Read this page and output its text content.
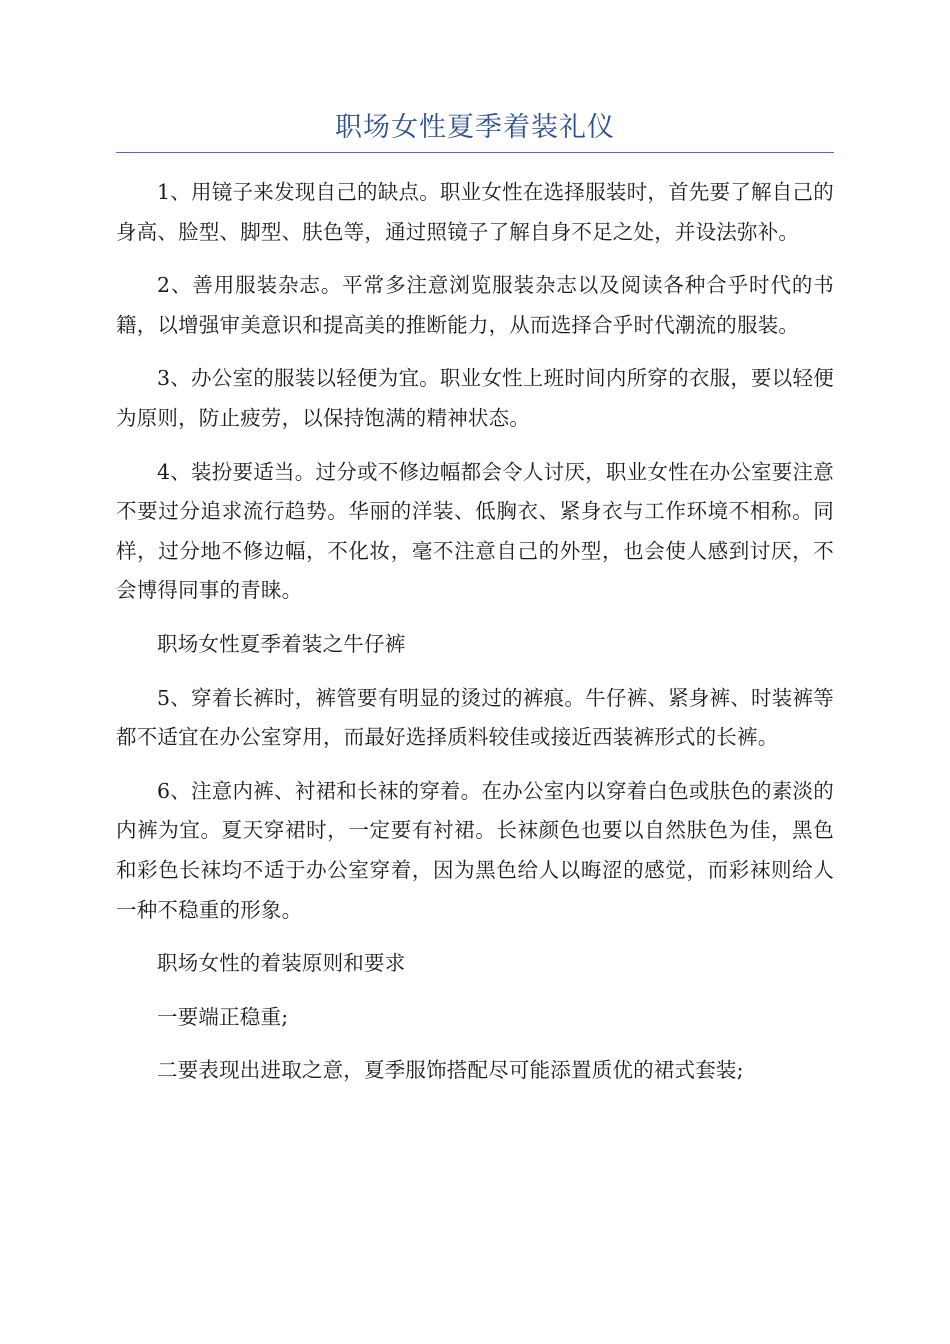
职场女性夏季着装礼仪

1、用镜子来发现自己的缺点。职业女性在选择服装时，首先要了解自己的身高、脸型、脚型、肤色等，通过照镜子了解自身不足之处，并设法弥补。

2、善用服装杂志。平常多注意浏览服装杂志以及阅读各种合乎时代的书籍，以增强审美意识和提高美的推断能力，从而选择合乎时代潮流的服装。

3、办公室的服装以轻便为宜。职业女性上班时间内所穿的衣服，要以轻便为原则，防止疲劳，以保持饱满的精神状态。

4、装扮要适当。过分或不修边幅都会令人讨厌，职业女性在办公室要注意不要过分追求流行趋势。华丽的洋装、低胸衣、紧身衣与工作环境不相称。同样，过分地不修边幅，不化妆，毫不注意自己的外型，也会使人感到讨厌，不会博得同事的青睐。

职场女性夏季着装之牛仔裤

5、穿着长裤时，裤管要有明显的烫过的裤痕。牛仔裤、紧身裤、时装裤等都不适宜在办公室穿用，而最好选择质料较佳或接近西装裤形式的长裤。

6、注意内裤、衬裙和长袜的穿着。在办公室内以穿着白色或肤色的素淡的内裤为宜。夏天穿裙时，一定要有衬裙。长袜颜色也要以自然肤色为佳，黑色和彩色长袜均不适于办公室穿着，因为黑色给人以晦涩的感觉，而彩袜则给人一种不稳重的形象。

职场女性的着装原则和要求

一要端正稳重;

二要表现出进取之意，夏季服饰搭配尽可能添置质优的裙式套装;
